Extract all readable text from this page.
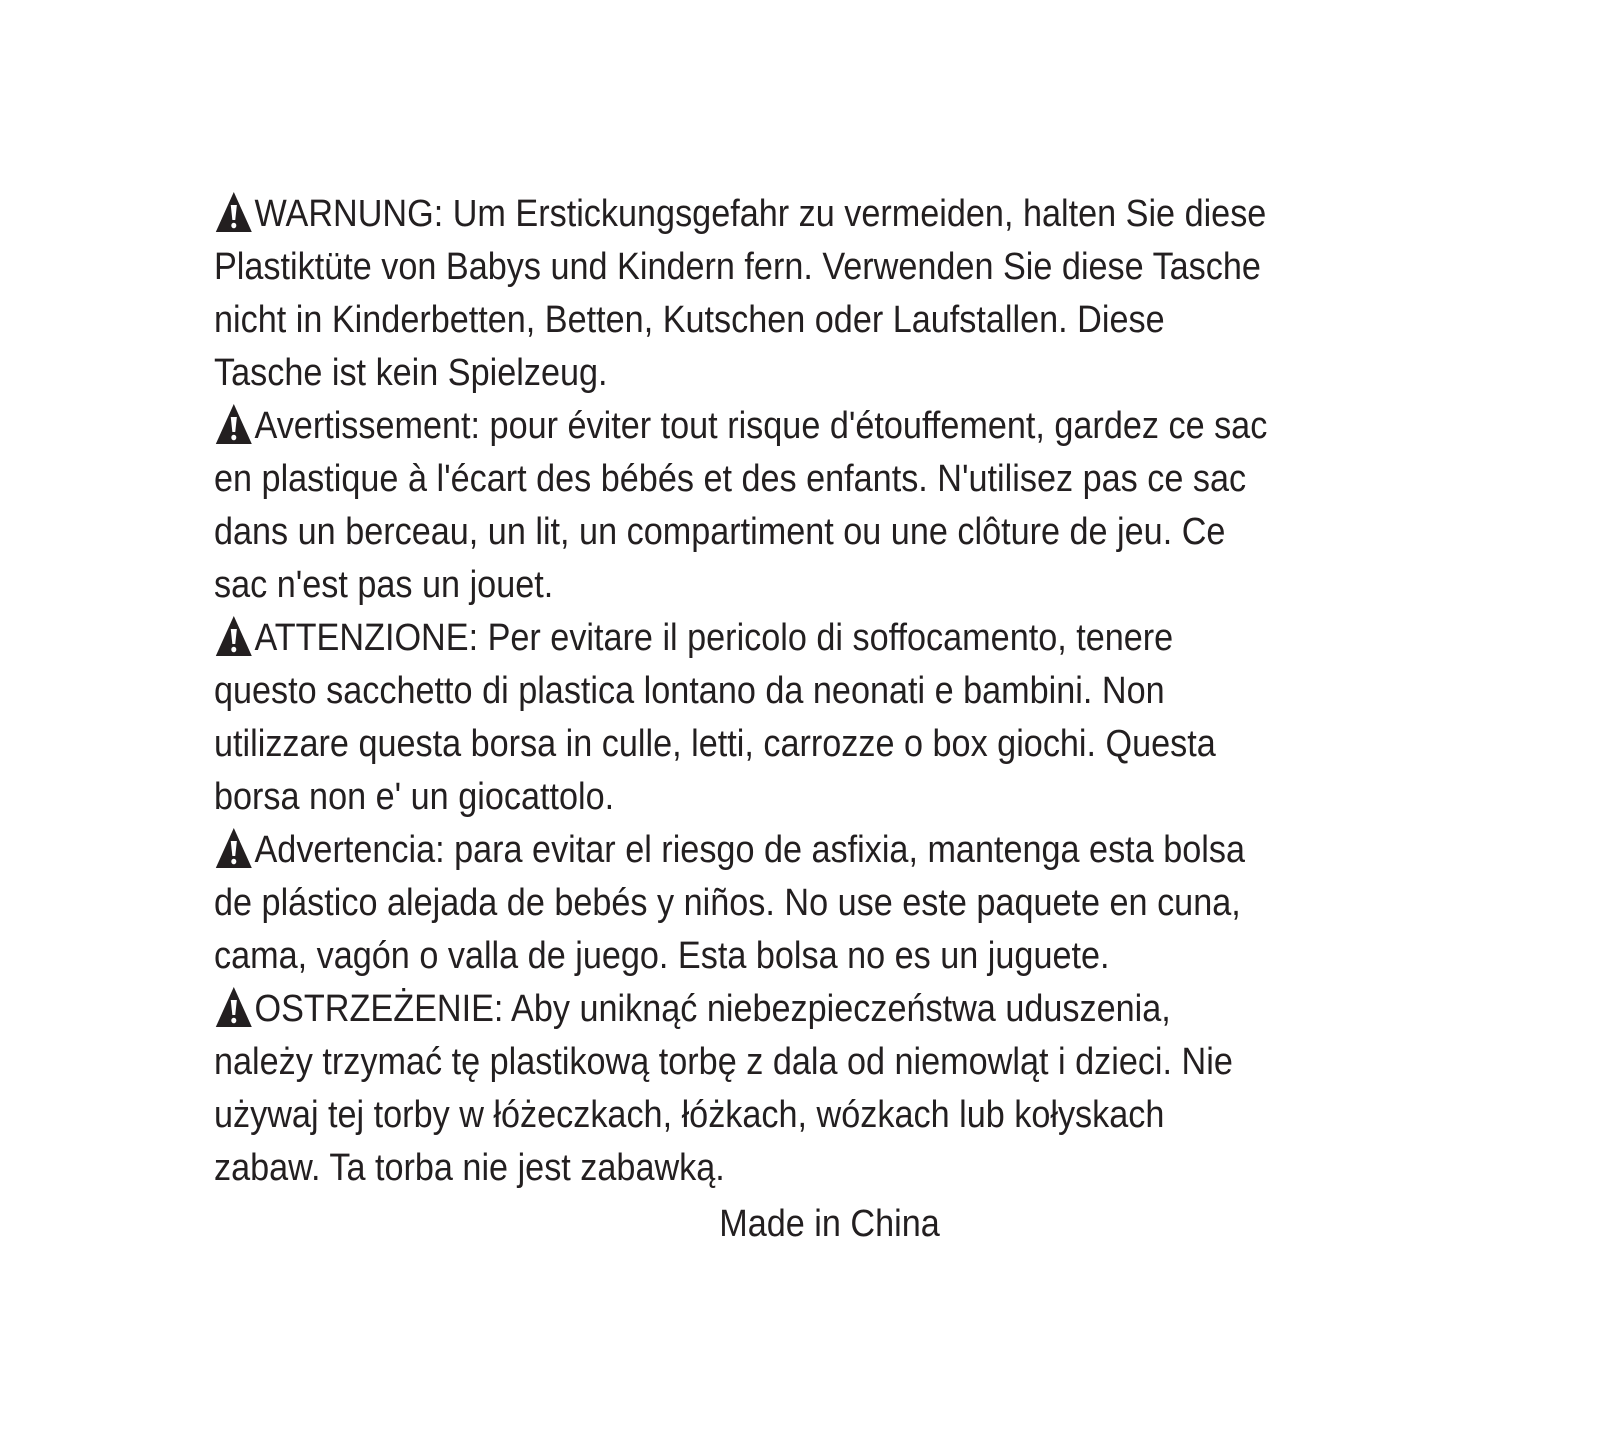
WARNUNG: Um Erstickungsgefahr zu vermeiden, halten Sie diese Plastiktüte von Babys und Kindern fern. Verwenden Sie diese Tasche nicht in Kinderbetten, Betten, Kutschen oder Laufstallen. Diese Tasche ist kein Spielzeug.

Avertissement: pour éviter tout risque d'étouffement, gardez ce sac en plastique à l'écart des bébés et des enfants. N'utilisez pas ce sac dans un berceau, un lit, un compartiment ou une clôture de jeu. Ce sac n'est pas un jouet.

ATTENZIONE: Per evitare il pericolo di soffocamento, tenere questo sacchetto di plastica lontano da neonati e bambini. Non utilizzare questa borsa in culle, letti, carrozze o box giochi. Questa borsa non e' un giocattolo.

Advertencia: para evitar el riesgo de asfixia, mantenga esta bolsa de plástico alejada de bebés y niños. No use este paquete en cuna, cama, vagón o valla de juego. Esta bolsa no es un juguete.

OSTRZEŻENIE: Aby uniknąć niebezpieczeństwa uduszenia, należy trzymać tę plastikową torbę z dala od niemowląt i dzieci. Nie używaj tej torby w łóżeczkach, łóżkach, wózkach lub kołyskach zabaw. Ta torba nie jest zabawką.

Made in China
